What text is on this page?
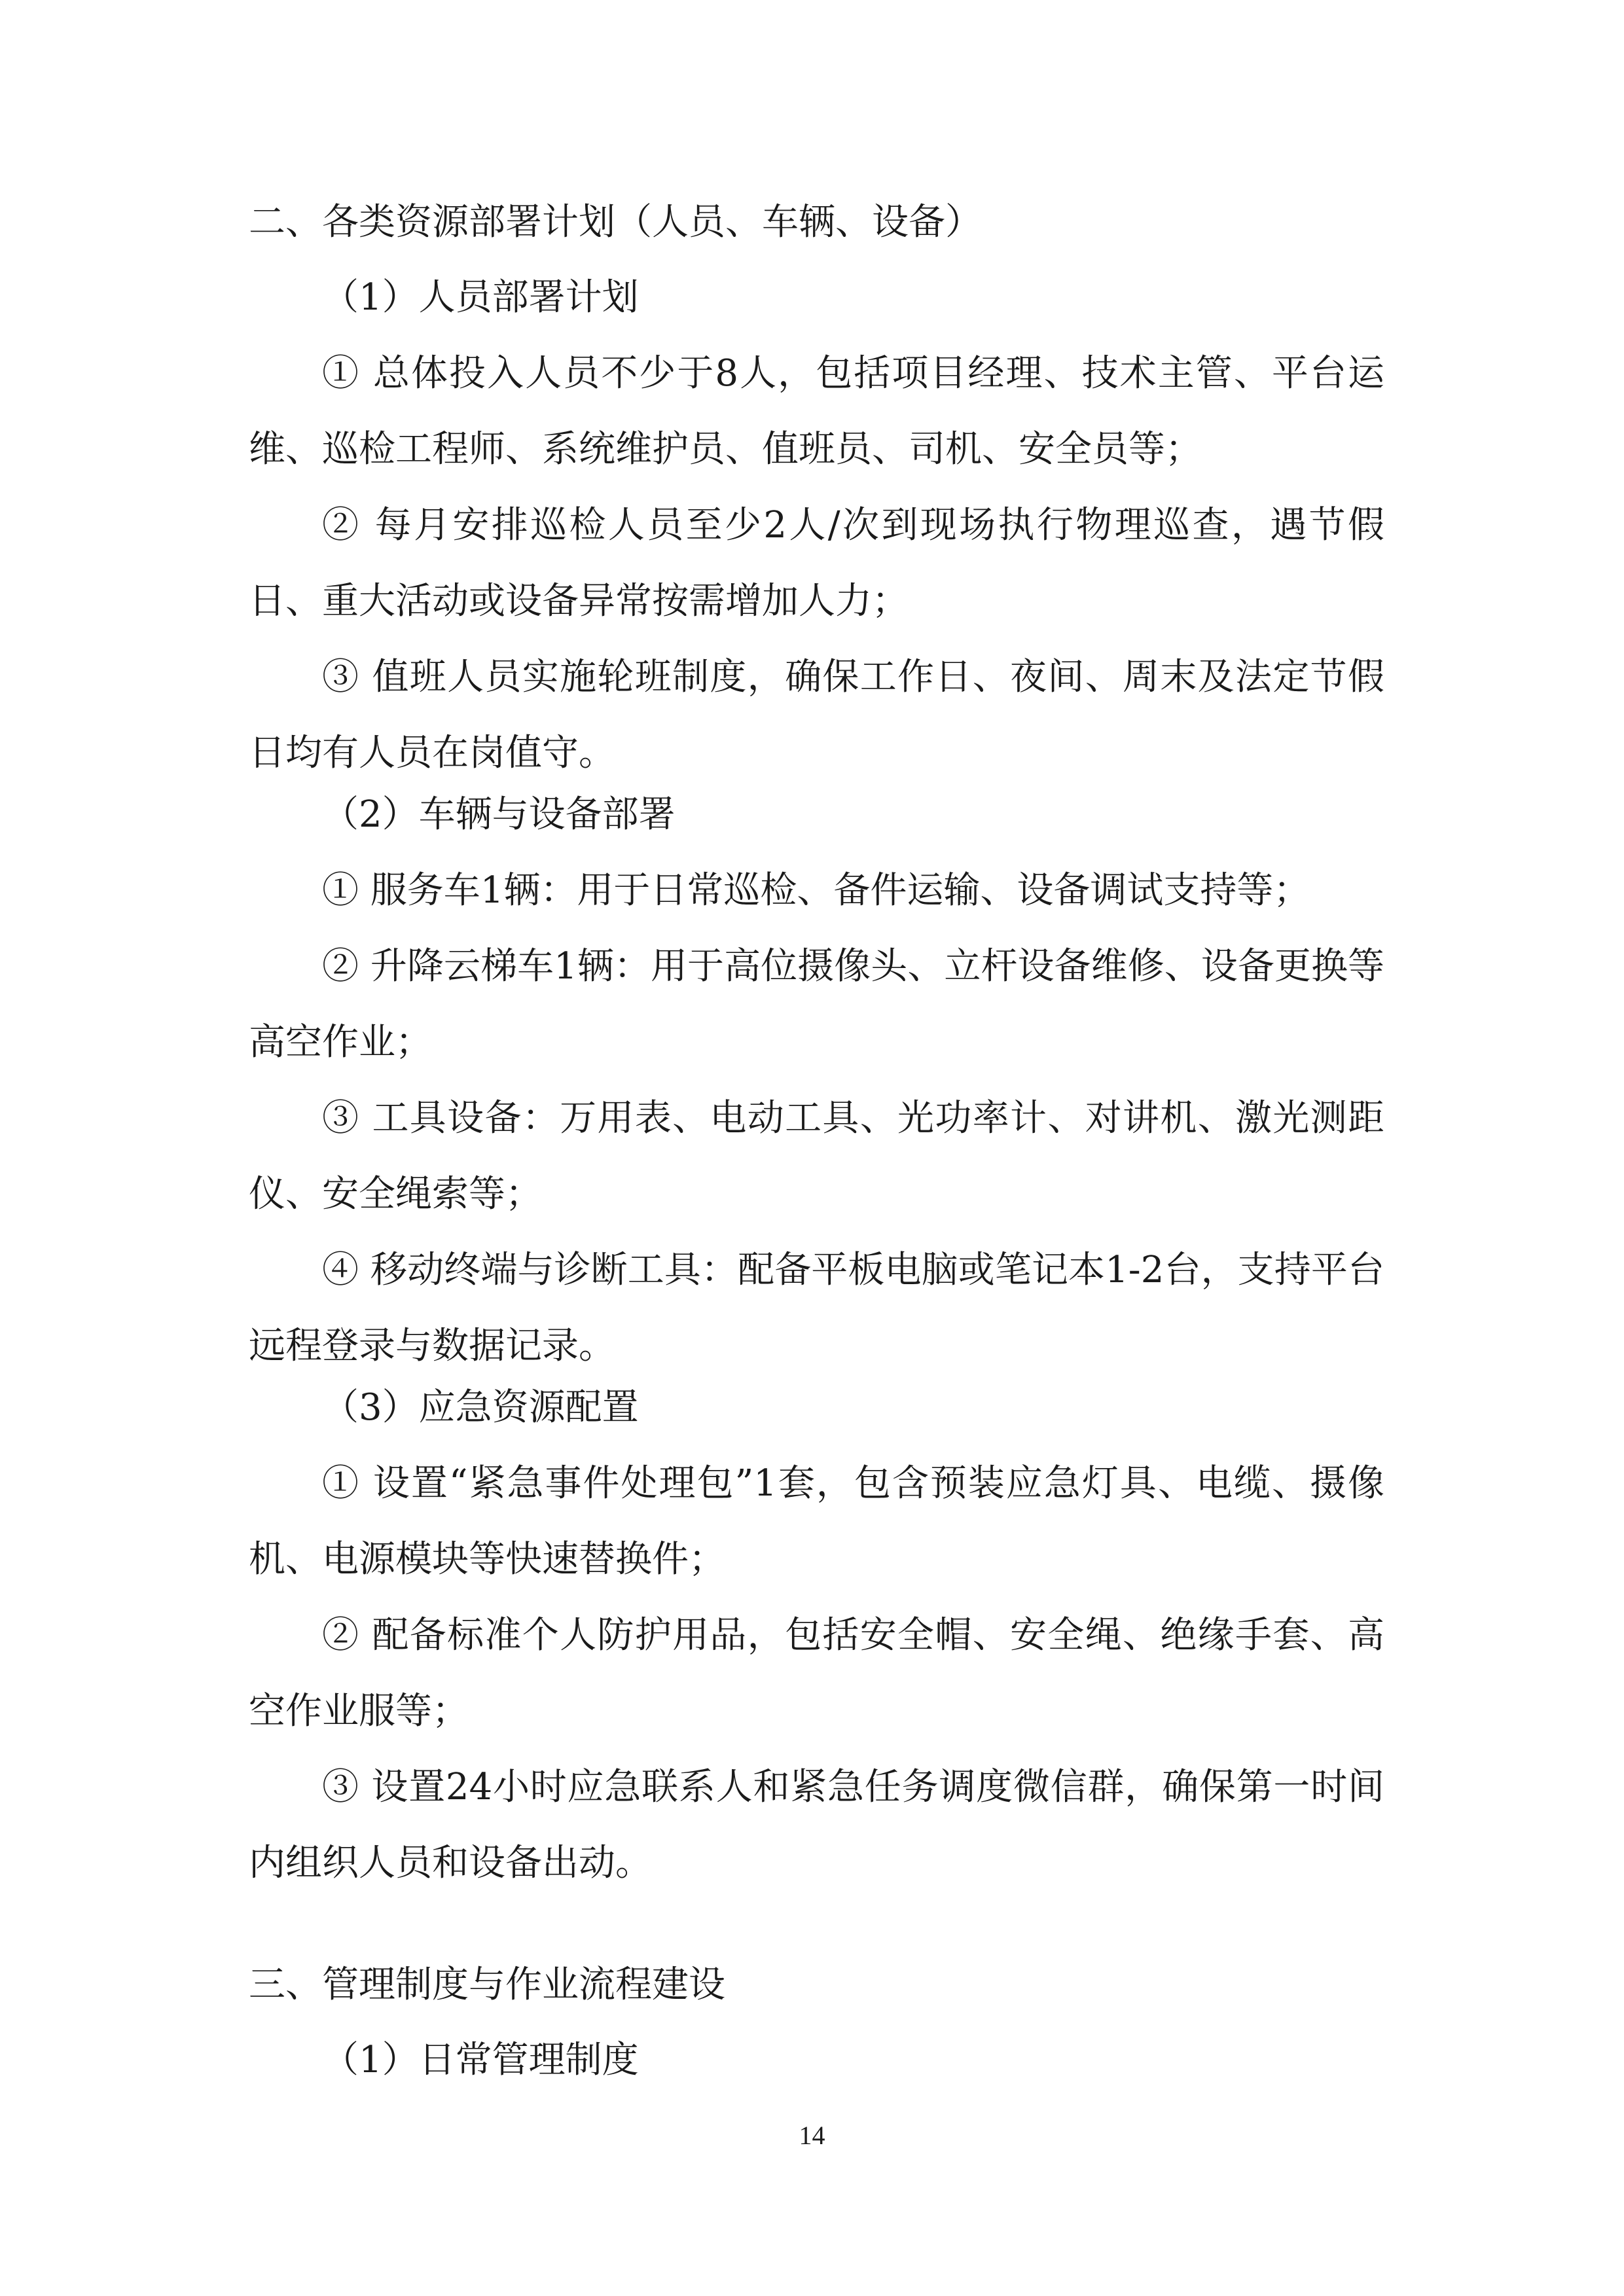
二、各类资源部署计划（人员、车辆、设备）
（1）人员部署计划
① 总体投入人员不少于8人，包括项目经理、技术主管、平台运维、巡检工程师、系统维护员、值班员、司机、安全员等；
② 每月安排巡检人员至少2人/次到现场执行物理巡查，遇节假日、重大活动或设备异常按需增加人力；
③ 值班人员实施轮班制度，确保工作日、夜间、周末及法定节假日均有人员在岗值守。
（2）车辆与设备部署
① 服务车1辆：用于日常巡检、备件运输、设备调试支持等；
② 升降云梯车1辆：用于高位摄像头、立杆设备维修、设备更换等高空作业；
③ 工具设备：万用表、电动工具、光功率计、对讲机、激光测距仪、安全绳索等；
④ 移动终端与诊断工具：配备平板电脑或笔记本1-2台，支持平台远程登录与数据记录。
（3）应急资源配置
① 设置“紧急事件处理包”1套，包含预装应急灯具、电缆、摄像机、电源模块等快速替换件；
② 配备标准个人防护用品，包括安全帽、安全绳、绝缘手套、高空作业服等；
③ 设置24小时应急联系人和紧急任务调度微信群，确保第一时间内组织人员和设备出动。
三、管理制度与作业流程建设
（1）日常管理制度
14
